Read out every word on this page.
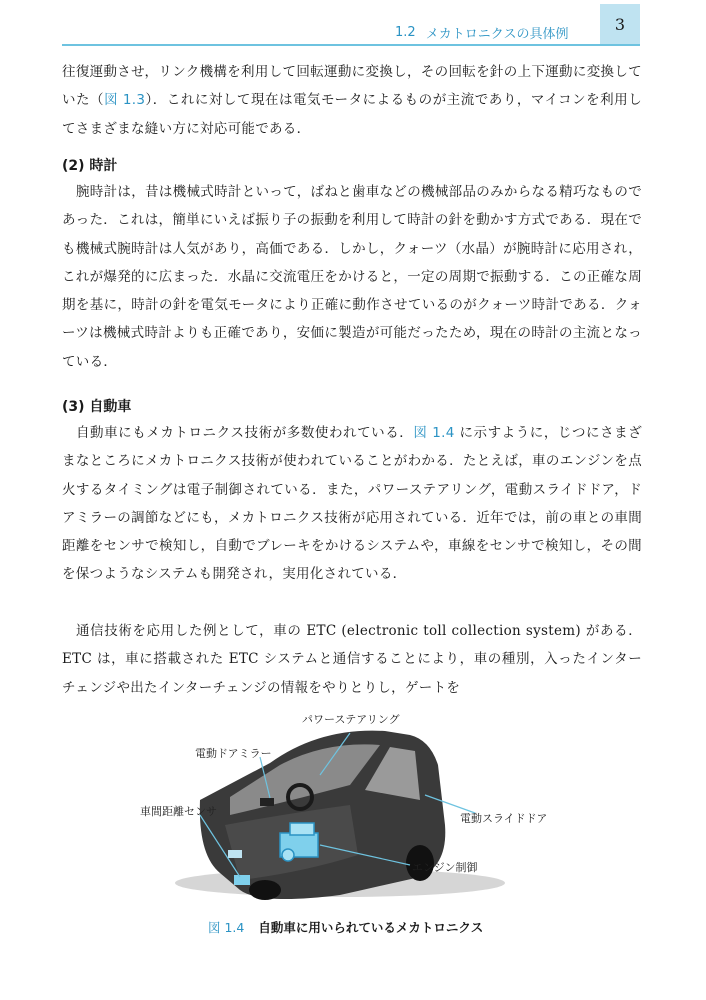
1.2 メカトロニクスの具体例
3

往復運動させ，リンク機構を利用して回転運動に変換し，その回転を針の上下運動に変換していた（図 1.3）．これに対して現在は電気モータによるものが主流であり，マイコンを利用してさまざまな縫い方に対応可能である．

(2) 時計

腕時計は，昔は機械式時計といって，ばねと歯車などの機械部品のみからなる精巧なものであった．これは，簡単にいえば振り子の振動を利用して時計の針を動かす方式である．現在でも機械式腕時計は人気があり，高価である．しかし，クォーツ（水晶）が腕時計に応用され，これが爆発的に広まった．水晶に交流電圧をかけると，一定の周期で振動する．この正確な周期を基に，時計の針を電気モータにより正確に動作させているのがクォーツ時計である．クォーツは機械式時計よりも正確であり，安価に製造が可能だったため，現在の時計の主流となっている．

(3) 自動車

自動車にもメカトロニクス技術が多数使われている．図 1.4 に示すように，じつにさまざまなところにメカトロニクス技術が使われていることがわかる．たとえば，車のエンジンを点火するタイミングは電子制御されている．また，パワーステアリング，電動スライドドア，ドアミラーの調節などにも，メカトロニクス技術が応用されている．近年では，前の車との車間距離をセンサで検知し，自動でブレーキをかけるシステムや，車線をセンサで検知し，その間を保つようなシステムも開発され，実用化されている．

通信技術を応用した例として，車の ETC (electronic toll collection system) がある．ETC は，車に搭載された ETC システムと通信することにより，車の種別，入ったインターチェンジや出たインターチェンジの情報をやりとりし，ゲートを

パワーステアリング
電動ドアミラー
車間距離センサ
電動スライドドア
エンジン制御
図 1.4 自動車に用いられているメカトロニクス
